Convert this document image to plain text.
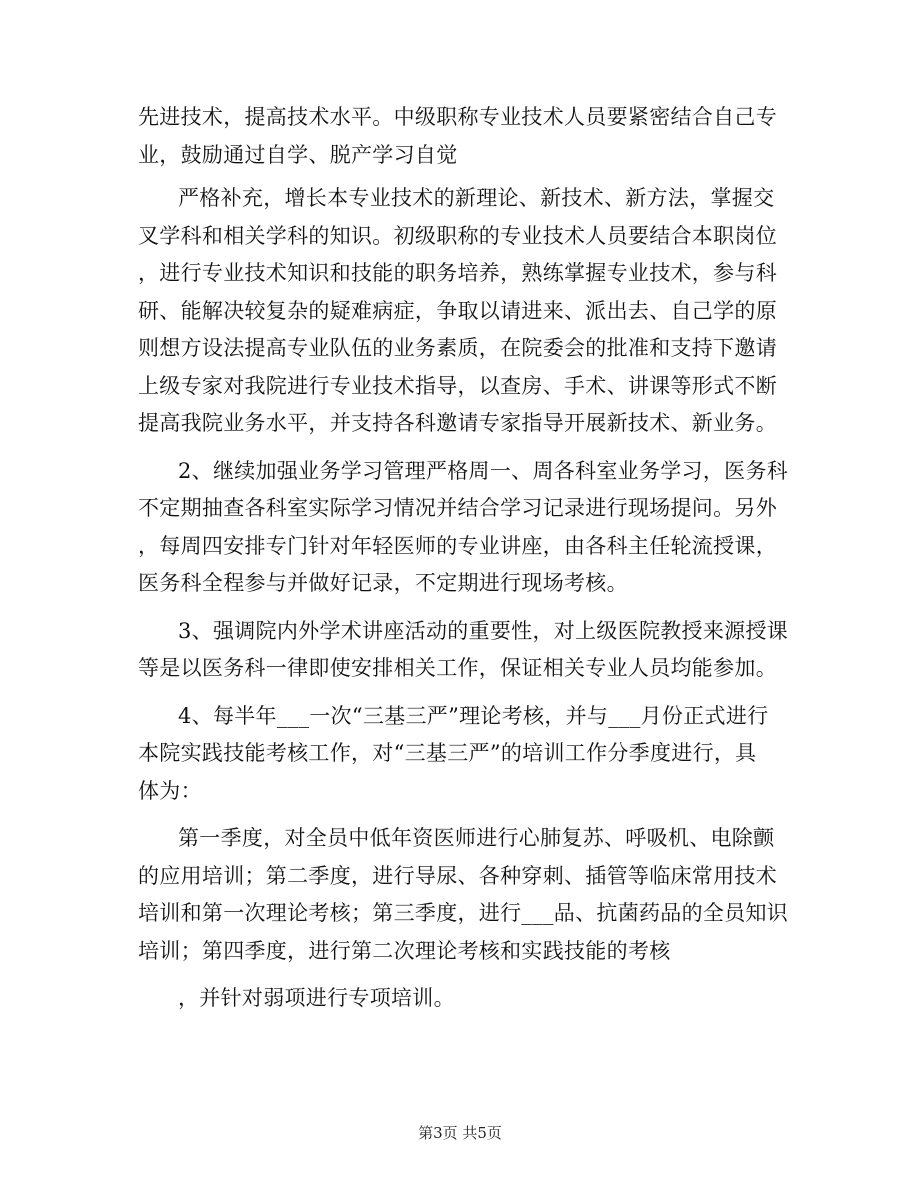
先进技术，提高技术水平。中级职称专业技术人员要紧密结合自己专
业，鼓励通过自学、脱产学习自觉

严格补充，增长本专业技术的新理论、新技术、新方法，掌握交
叉学科和相关学科的知识。初级职称的专业技术人员要结合本职岗位
，进行专业技术知识和技能的职务培养，熟练掌握专业技术，参与科
研、能解决较复杂的疑难病症，争取以请进来、派出去、自己学的原
则想方设法提高专业队伍的业务素质，在院委会的批准和支持下邀请
上级专家对我院进行专业技术指导，以查房、手术、讲课等形式不断
提高我院业务水平，并支持各科邀请专家指导开展新技术、新业务。

2、继续加强业务学习管理严格周一、周各科室业务学习，医务科
不定期抽查各科室实际学习情况并结合学习记录进行现场提问。另外
，每周四安排专门针对年轻医师的专业讲座，由各科主任轮流授课，
医务科全程参与并做好记录，不定期进行现场考核。

3、强调院内外学术讲座活动的重要性，对上级医院教授来源授课
等是以医务科一律即使安排相关工作，保证相关专业人员均能参加。

4、每半年___一次“三基三严”理论考核，并与___月份正式进行
本院实践技能考核工作，对“三基三严”的培训工作分季度进行，具
体为：

第一季度，对全员中低年资医师进行心肺复苏、呼吸机、电除颤
的应用培训；第二季度，进行导尿、各种穿刺、插管等临床常用技术
培训和第一次理论考核；第三季度，进行___品、抗菌药品的全员知识
培训；第四季度，进行第二次理论考核和实践技能的考核

，并针对弱项进行专项培训。

第3页 共5页
